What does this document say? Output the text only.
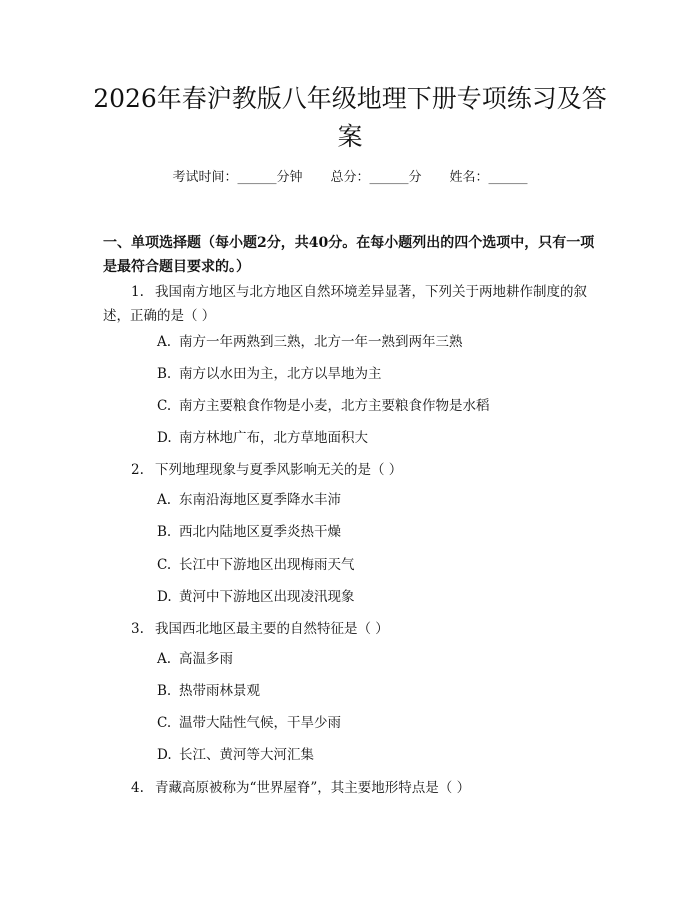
2026年春沪教版八年级地理下册专项练习及答案
考试时间：______分钟 总分：______分 姓名：______

一、单项选择题（每小题2分，共40分。在每小题列出的四个选项中，只有一项是最符合题目要求的。）

1. 我国南方地区与北方地区自然环境差异显著，下列关于两地耕作制度的叙述，正确的是（ ）

A. 南方一年两熟到三熟，北方一年一熟到两年三熟

B. 南方以水田为主，北方以旱地为主

C. 南方主要粮食作物是小麦，北方主要粮食作物是水稻

D. 南方林地广布，北方草地面积大

2. 下列地理现象与夏季风影响无关的是（ ）

A. 东南沿海地区夏季降水丰沛

B. 西北内陆地区夏季炎热干燥

C. 长江中下游地区出现梅雨天气

D. 黄河中下游地区出现凌汛现象

3. 我国西北地区最主要的自然特征是（ ）

A. 高温多雨

B. 热带雨林景观

C. 温带大陆性气候，干旱少雨

D. 长江、黄河等大河汇集

4. 青藏高原被称为“世界屋脊”，其主要地形特点是（ ）
